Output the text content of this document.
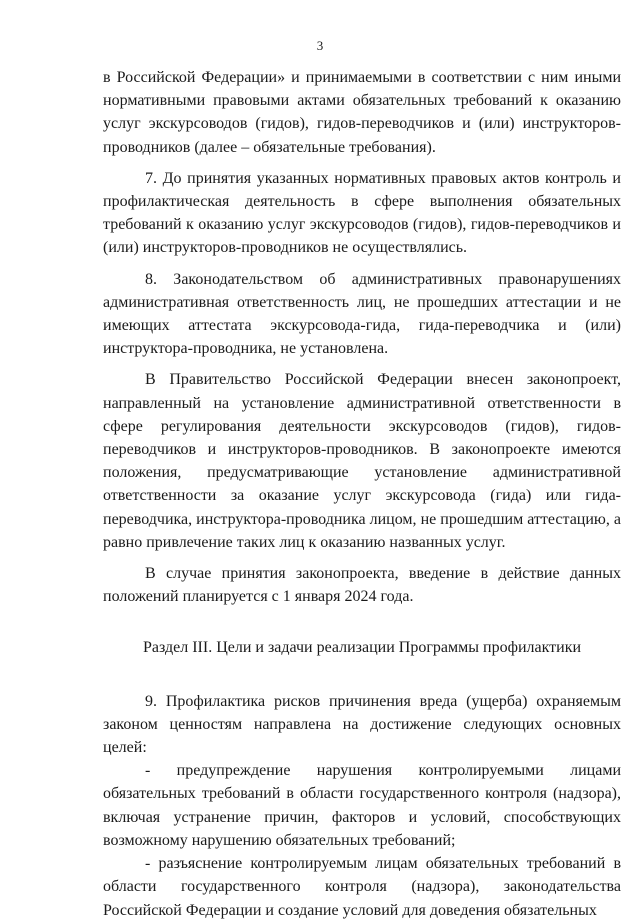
3

в Российской Федерации» и принимаемыми в соответствии с ним иными нормативными правовыми актами обязательных требований к оказанию услуг экскурсоводов (гидов), гидов-переводчиков и (или) инструкторов-проводников (далее – обязательные требования).

7. До принятия указанных нормативных правовых актов контроль и профилактическая деятельность в сфере выполнения обязательных требований к оказанию услуг экскурсоводов (гидов), гидов-переводчиков и (или) инструкторов-проводников не осуществлялись.

8. Законодательством об административных правонарушениях административная ответственность лиц, не прошедших аттестации и не имеющих аттестата экскурсовода-гида, гида-переводчика и (или) инструктора-проводника, не установлена.

В Правительство Российской Федерации внесен законопроект, направленный на установление административной ответственности в сфере регулирования деятельности экскурсоводов (гидов), гидов-переводчиков и инструкторов-проводников. В законопроекте имеются положения, предусматривающие установление административной ответственности за оказание услуг экскурсовода (гида) или гида-переводчика, инструктора-проводника лицом, не прошедшим аттестацию, а равно привлечение таких лиц к оказанию названных услуг.

В случае принятия законопроекта, введение в действие данных положений планируется с 1 января 2024 года.

Раздел III. Цели и задачи реализации Программы профилактики

9. Профилактика рисков причинения вреда (ущерба) охраняемым законом ценностям направлена на достижение следующих основных целей:

- предупреждение нарушения контролируемыми лицами обязательных требований в области государственного контроля (надзора), включая устранение причин, факторов и условий, способствующих возможному нарушению обязательных требований;

- разъяснение контролируемым лицам обязательных требований в области государственного контроля (надзора), законодательства Российской Федерации и создание условий для доведения обязательных
